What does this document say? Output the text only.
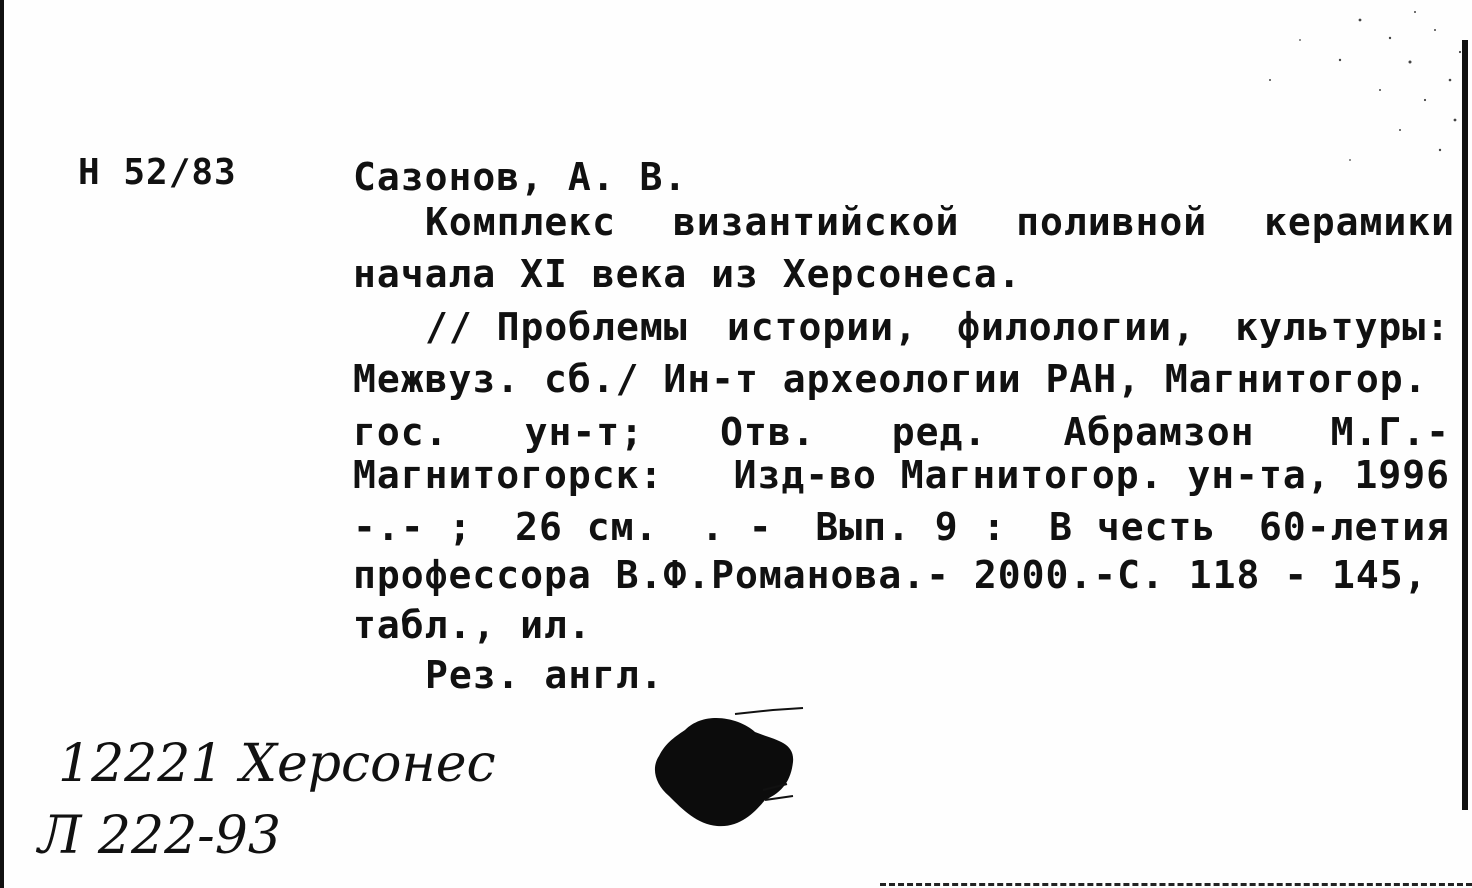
Н 52/83	Сазонов, А. В.
Комплекс византийской поливной керамики
начала XI века из Херсонеса.
// Проблемы истории, филологии, культуры:
Межвуз. сб./ Ин-т археологии РАН, Магнитогор.
гос. ун-т; Отв. ред. Абрамзон М.Г.-
Магнитогорск: Изд-во Магнитогор. ун-та, 1996
-.- ; 26 см. . - Вып. 9 : В честь 60-летия
профессора В.Ф.Романова.- 2000.-С. 118 - 145,
табл., ил.
Рез. англ.
12221 Херсонес
Л 222-93
